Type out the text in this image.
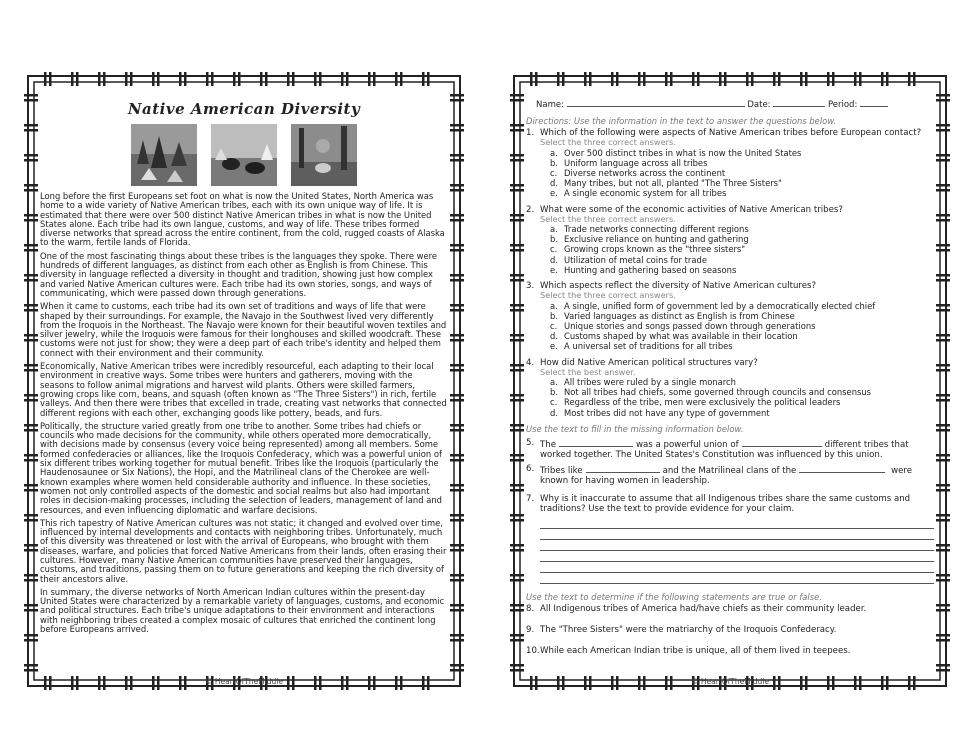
Native American Diversity

Long before the first Europeans set foot on what is now the United States, North America was home to a wide variety of Native American tribes, each with its own unique way of life. It is estimated that there were over 500 distinct Native American tribes in what is now the United States alone. Each tribe had its own langue, customs, and way of life. These tribes formed diverse networks that spread across the entire continent, from the cold, rugged coasts of Alaska to the warm, fertile lands of Florida.

One of the most fascinating things about these tribes is the languages they spoke. There were hundreds of different languages, as distinct from each other as English is from Chinese. This diversity in language reflected a diversity in thought and tradition, showing just how complex and varied Native American cultures were. Each tribe had its own stories, songs, and ways of communicating, which were passed down through generations.

When it came to customs, each tribe had its own set of traditions and ways of life that were shaped by their surroundings. For example, the Navajo in the Southwest lived very differently from the Iroquois in the Northeast. The Navajo were known for their beautiful woven textiles and silver jewelry, while the Iroquois were famous for their longhouses and skilled woodcraft. These customs were not just for show; they were a deep part of each tribe's identity and helped them connect with their environment and their community.

Economically, Native American tribes were incredibly resourceful, each adapting to their local environment in creative ways. Some tribes were hunters and gatherers, moving with the seasons to follow animal migrations and harvest wild plants. Others were skilled farmers, growing crops like corn, beans, and squash (often known as "The Three Sisters") in rich, fertile valleys. And then there were tribes that excelled in trade, creating vast networks that connected different regions with each other, exchanging goods like pottery, beads, and furs.

Politically, the structure varied greatly from one tribe to another. Some tribes had chiefs or councils who made decisions for the community, while others operated more democratically, with decisions made by consensus (every voice being represented) among all members. Some formed confederacies or alliances, like the Iroquois Confederacy, which was a powerful union of six different tribes working together for mutual benefit. Tribes like the Iroquois (particularly the Haudenosaunee or Six Nations), the Hopi, and the Matrilineal clans of the Cherokee are well-known examples where women held considerable authority and influence. In these societies, women not only controlled aspects of the domestic and social realms but also had important roles in decision-making processes, including the selection of leaders, management of land and resources, and even influencing diplomatic and warfare decisions.

This rich tapestry of Native American cultures was not static; it changed and evolved over time, influenced by internal developments and contacts with neighboring tribes. Unfortunately, much of this diversity was threatened or lost with the arrival of Europeans, who brought with them diseases, warfare, and policies that forced Native Americans from their lands, often erasing their cultures. However, many Native American communities have preserved their languages, customs, and traditions, passing them on to future generations and keeping the rich diversity of their ancestors alive.

In summary, the diverse networks of North American Indian cultures within the present-day United States were characterized by a remarkable variety of languages, customs, and economic and political structures. Each tribe's unique adaptations to their environment and interactions with neighboring tribes created a complex mosaic of cultures that enriched the continent long before Europeans arrived.

© HeartOfTheMiddle
Name:	Date:	Period:
Directions: Use the information in the text to answer the questions below.
1. Which of the following were aspects of Native American tribes before European contact?
Select the three correct answers.
a. Over 500 distinct tribes in what is now the United States
b. Uniform language across all tribes
c. Diverse networks across the continent
d. Many tribes, but not all, planted "The Three Sisters"
e. A single economic system for all tribes
2. What were some of the economic activities of Native American tribes?
Select the three correct answers.
a. Trade networks connecting different regions
b. Exclusive reliance on hunting and gathering
c. Growing crops known as the "three sisters"
d. Utilization of metal coins for trade
e. Hunting and gathering based on seasons
3. Which aspects reflect the diversity of Native American cultures?
Select the three correct answers.
a. A single, unified form of government led by a democratically elected chief
b. Varied languages as distinct as English is from Chinese
c. Unique stories and songs passed down through generations
d. Customs shaped by what was available in their location
e. A universal set of traditions for all tribes
4. How did Native American political structures vary?
Select the best answer.
a. All tribes were ruled by a single monarch
b. Not all tribes had chiefs, some governed through councils and consensus
c. Regardless of the tribe, men were exclusively the political leaders
d. Most tribes did not have any type of government
Use the text to fill in the missing information below.
5. The	was a powerful union of	different tribes that worked together. The United States's Constitution was influenced by this union.
6. Tribes like	and the Matrilineal clans of the	were known for having women in leadership.
7. Why is it inaccurate to assume that all Indigenous tribes share the same customs and traditions? Use the text to provide evidence for your claim.
Use the text to determine if the following statements are true or false.
8. All Indigenous tribes of America had/have chiefs as their community leader.
9. The "Three Sisters" were the matriarchy of the Iroquois Confederacy.
10. While each American Indian tribe is unique, all of them lived in teepees.
© HeartOfTheMiddle
